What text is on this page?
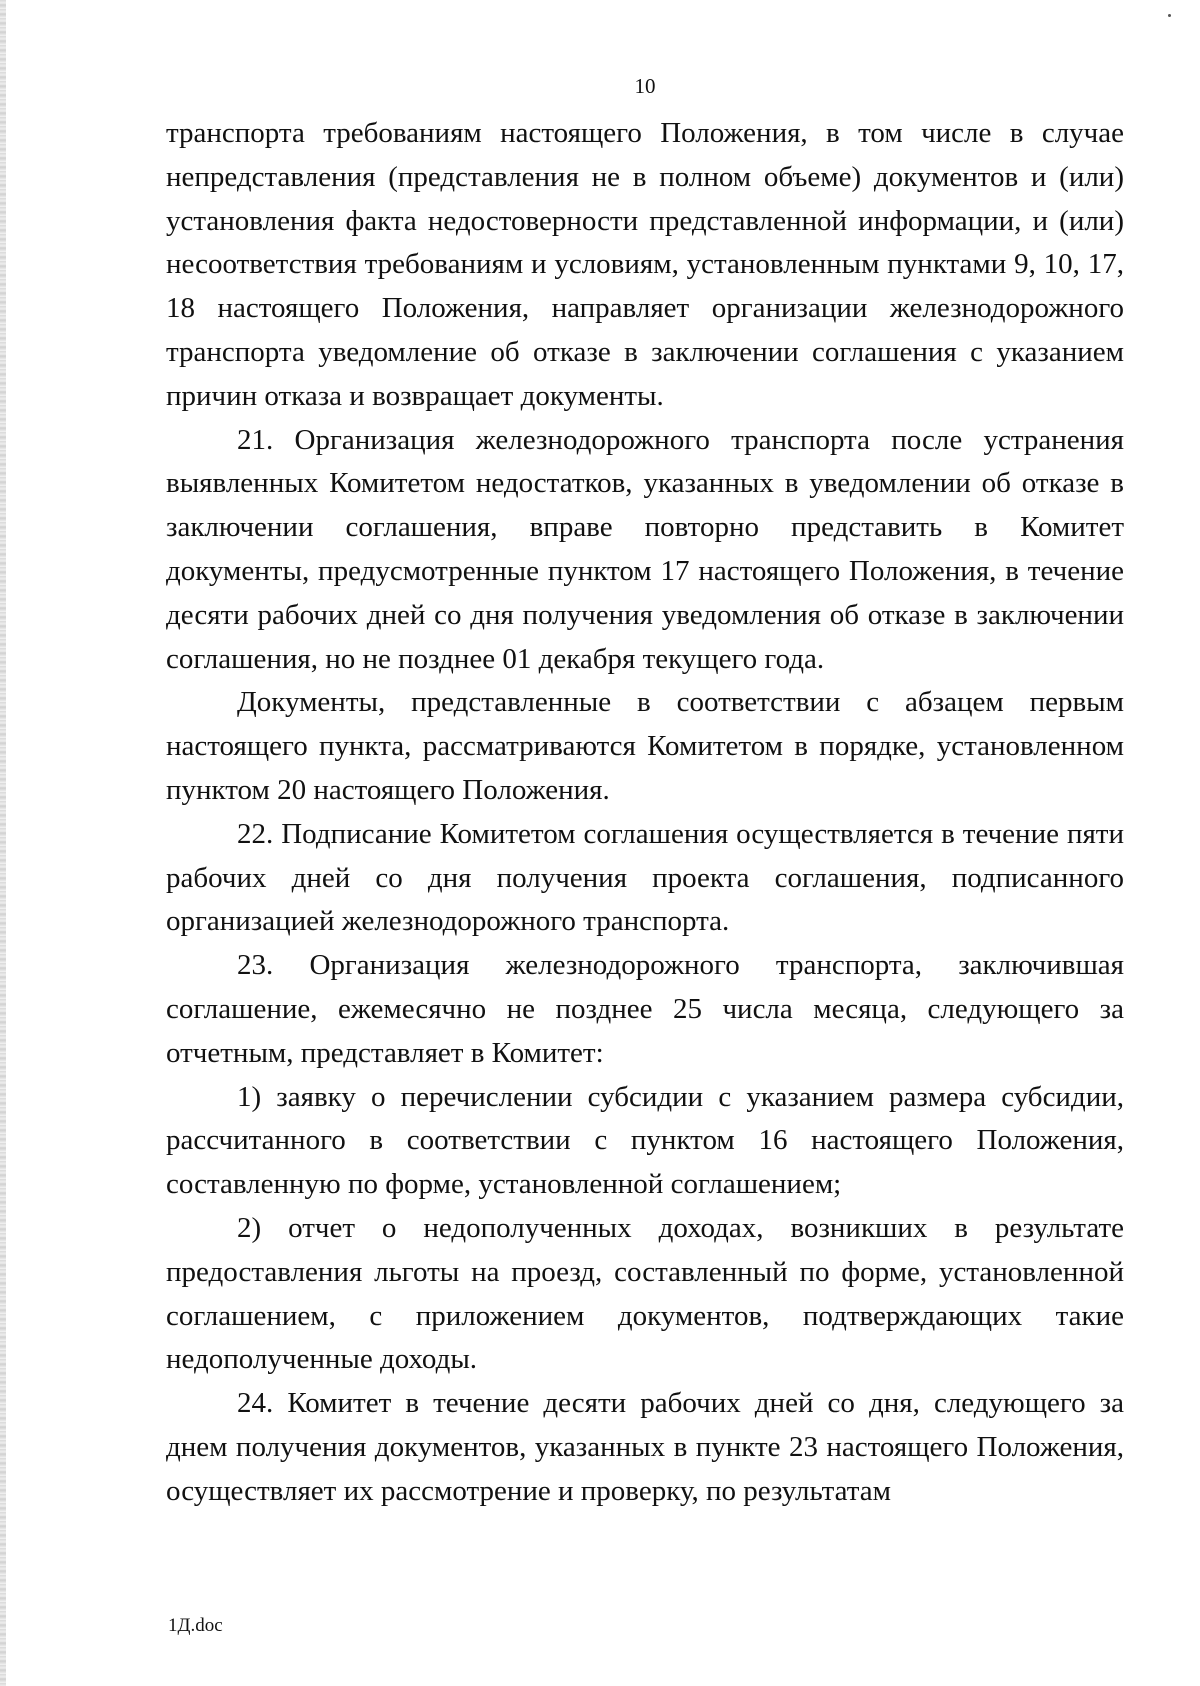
10

транспорта требованиям настоящего Положения, в том числе в случае непредставления (представления не в полном объеме) документов и (или) установления факта недостоверности представленной информации, и (или) несоответствия требованиям и условиям, установленным пунктами 9, 10, 17, 18 настоящего Положения, направляет организации железнодорожного транспорта уведомление об отказе в заключении соглашения с указанием причин отказа и возвращает документы.

21. Организация железнодорожного транспорта после устранения выявленных Комитетом недостатков, указанных в уведомлении об отказе в заключении соглашения, вправе повторно представить в Комитет документы, предусмотренные пунктом 17 настоящего Положения, в течение десяти рабочих дней со дня получения уведомления об отказе в заключении соглашения, но не позднее 01 декабря текущего года.

Документы, представленные в соответствии с абзацем первым настоящего пункта, рассматриваются Комитетом в порядке, установленном пунктом 20 настоящего Положения.

22. Подписание Комитетом соглашения осуществляется в течение пяти рабочих дней со дня получения проекта соглашения, подписанного организацией железнодорожного транспорта.

23. Организация железнодорожного транспорта, заключившая соглашение, ежемесячно не позднее 25 числа месяца, следующего за отчетным, представляет в Комитет:

1) заявку о перечислении субсидии с указанием размера субсидии, рассчитанного в соответствии с пунктом 16 настоящего Положения, составленную по форме, установленной соглашением;

2) отчет о недополученных доходах, возникших в результате предоставления льготы на проезд, составленный по форме, установленной соглашением, с приложением документов, подтверждающих такие недополученные доходы.

24. Комитет в течение десяти рабочих дней со дня, следующего за днем получения документов, указанных в пункте 23 настоящего Положения, осуществляет их рассмотрение и проверку, по результатам

1Д.doc
